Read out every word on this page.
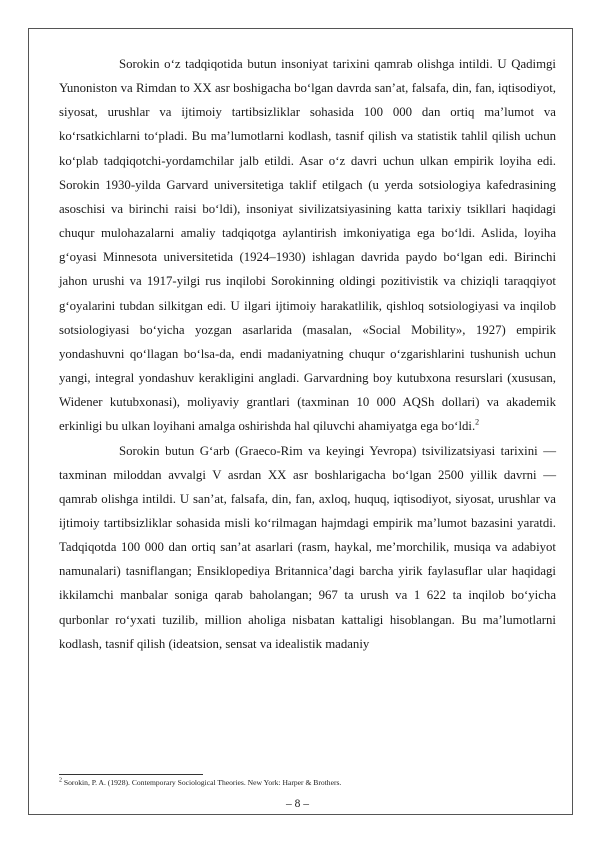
Sorokin o‘z tadqiqotida butun insoniyat tarixini qamrab olishga intildi. U Qadimgi Yunoniston va Rimdan to XX asr boshigacha bo‘lgan davrda san’at, falsafa, din, fan, iqtisodiyot, siyosat, urushlar va ijtimoiy tartibsizliklar sohasida 100 000 dan ortiq ma’lumot va ko‘rsatkichlarni to‘pladi. Bu ma’lumotlarni kodlash, tasnif qilish va statistik tahlil qilish uchun ko‘plab tadqiqotchi-yordamchilar jalb etildi. Asar o‘z davri uchun ulkan empirik loyiha edi. Sorokin 1930-yilda Garvard universitetiga taklif etilgach (u yerda sotsiologiya kafedrasining asoschisi va birinchi raisi bo‘ldi), insoniyat sivilizatsiyasining katta tarixiy tsikllari haqidagi chuqur mulohazalarni amaliy tadqiqotga aylantirish imkoniyatiga ega bo‘ldi. Aslida, loyiha g‘oyasi Minnesota universitetida (1924–1930) ishlagan davrida paydo bo‘lgan edi. Birinchi jahon urushi va 1917-yilgi rus inqilobi Sorokinning oldingi pozitivistik va chiziqli taraqqiyot g‘oyalarini tubdan silkitgan edi. U ilgari ijtimoiy harakatlilik, qishloq sotsiologiyasi va inqilob sotsiologiyasi bo‘yicha yozgan asarlarida (masalan, «Social Mobility», 1927) empirik yondashuvni qo‘llagan bo‘lsa-da, endi madaniyatning chuqur o‘zgarishlarini tushunish uchun yangi, integral yondashuv kerakligini angladi. Garvardning boy kutubxona resurslari (xususan, Widener kutubxonasi), moliyaviy grantlari (taxminan 10 000 AQSh dollari) va akademik erkinligi bu ulkan loyihani amalga oshirishda hal qiluvchi ahamiyatga ega bo‘ldi.$^2$

Sorokin butun G‘arb (Graeco-Rim va keyingi Yevropa) tsivilizatsiyasi tarixini — taxminan miloddan avvalgi V asrdan XX asr boshlarigacha bo‘lgan 2500 yillik davrni — qamrab olishga intildi. U san’at, falsafa, din, fan, axloq, huquq, iqtisodiyot, siyosat, urushlar va ijtimoiy tartibsizliklar sohasida misli ko‘rilmagan hajmdagi empirik ma’lumot bazasini yaratdi. Tadqiqotda 100 000 dan ortiq san’at asarlari (rasm, haykal, me’morchilik, musiqa va adabiyot namunalari) tasniflangan; Ensiklopediya Britannica’dagi barcha yirik faylasuflar ular haqidagi ikkilamchi manbalar soniga qarab baholangan; 967 ta urush va 1 622 ta inqilob bo‘yicha qurbonlar ro‘yxati tuzilib, million aholiga nisbatan kattaligi hisoblangan. Bu ma’lumotlarni kodlash, tasnif qilish (ideatsion, sensat va idealistik madaniy

$^2$ Sorokin, P. A. (1928). Contemporary Sociological Theories. New York: Harper & Brothers.
– 8 –
